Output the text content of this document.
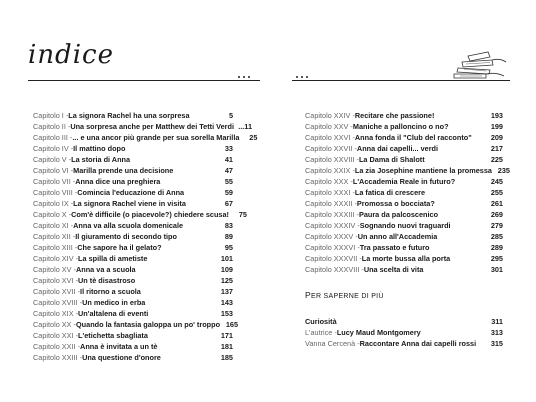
indice
Capitolo I - La signora Rachel ha una sorpresa	5
Capitolo II - Una sorpresa anche per Matthew dei Tetti Verdi ...11
Capitolo III - ... e una ancor più grande per sua sorella Marilla	25
Capitolo IV - Il mattino dopo	33
Capitolo V - La storia di Anna	41
Capitolo VI - Marilla prende una decisione	47
Capitolo VII - Anna dice una preghiera	55
Capitolo VIII - Comincia l'educazione di Anna	59
Capitolo IX - La signora Rachel viene in visita	67
Capitolo X - Com'è difficile (o piacevole?) chiedere scusa!	75
Capitolo XI - Anna va alla scuola domenicale	83
Capitolo XII - Il giuramento di secondo tipo	89
Capitolo XIII - Che sapore ha il gelato?	95
Capitolo XIV - La spilla di ametiste	101
Capitolo XV - Anna va a scuola	109
Capitolo XVI - Un tè disastroso	125
Capitolo XVII - Il ritorno a scuola	137
Capitolo XVIII - Un medico in erba	143
Capitolo XIX - Un'altalena di eventi	153
Capitolo XX - Quando la fantasia galoppa un po' troppo 165
Capitolo XXI - L'etichetta sbagliata	171
Capitolo XXII - Anna è invitata a un tè	181
Capitolo XXIII - Una questione d'onore	185
Capitolo XXIV - Recitare che passione!	193
Capitolo XXV - Maniche a palloncino o no?	199
Capitolo XXVI - Anna fonda il "Club del racconto"	209
Capitolo XXVII - Anna dai capelli... verdi	217
Capitolo XXVIII - La Dama di Shalott	225
Capitolo XXIX - La zia Josephine mantiene la promessa 235
Capitolo XXX - L'Accademia Reale in futuro?	245
Capitolo XXXI - La fatica di crescere	255
Capitolo XXXII - Promossa o bocciata?	261
Capitolo XXXIII - Paura da palcoscenico	269
Capitolo XXXIV - Sognando nuovi traguardi	279
Capitolo XXXV - Un anno all'Accademia	285
Capitolo XXXVI - Tra passato e futuro	289
Capitolo XXXVII - La morte bussa alla porta	295
Capitolo XXXVIII - Una scelta di vita	301
PER SAPERNE DI PIÙ
Curiosità	311
L'autrice - Lucy Maud Montgomery	313
Vanna Cercenà - Raccontare Anna dai capelli rossi	315
